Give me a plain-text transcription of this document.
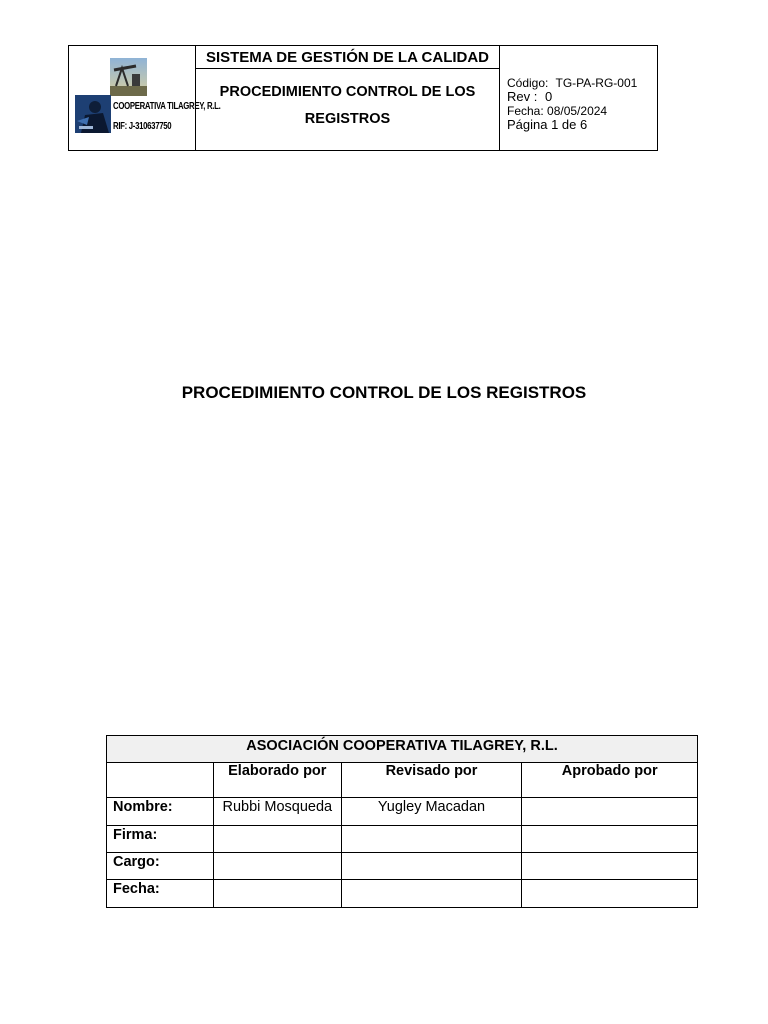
COOPERATIVA TILAGREY, R.L.
RIF: J-310637750
SISTEMA DE GESTIÓN DE LA CALIDAD
PROCEDIMIENTO CONTROL DE LOS
REGISTROS
Código: TG-PA-RG-001
Rev : 0
Fecha: 08/05/2024
Página 1 de 6
PROCEDIMIENTO CONTROL DE LOS REGISTROS
ASOCIACIÓN COOPERATIVA TILAGREY, R.L.			
	Elaborado por	Revisado por	Aprobado por
Nombre:	Rubbi Mosqueda	Yugley Macadan	
Firma:			
Cargo:			
Fecha:			
